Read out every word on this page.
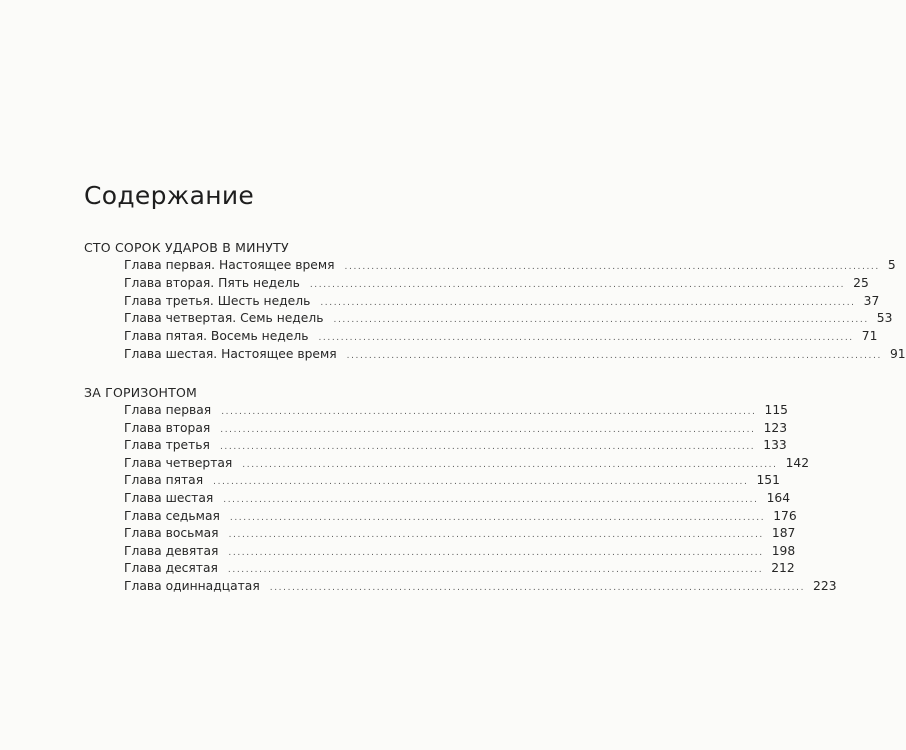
Содержание
СТО СОРОК УДАРОВ В МИНУТУ
Глава первая. Настоящее время ........................................................................................................................ 5
Глава вторая. Пять недель ........................................................................................................................ 25
Глава третья. Шесть недель ........................................................................................................................ 37
Глава четвертая. Семь недель ........................................................................................................................ 53
Глава пятая. Восемь недель ........................................................................................................................ 71
Глава шестая. Настоящее время ........................................................................................................................ 91
ЗА ГОРИЗОНТОМ
Глава первая ........................................................................................................................ 115
Глава вторая ........................................................................................................................ 123
Глава третья ........................................................................................................................ 133
Глава четвертая ........................................................................................................................ 142
Глава пятая ........................................................................................................................ 151
Глава шестая ........................................................................................................................ 164
Глава седьмая ........................................................................................................................ 176
Глава восьмая ........................................................................................................................ 187
Глава девятая ........................................................................................................................ 198
Глава десятая ........................................................................................................................ 212
Глава одиннадцатая ........................................................................................................................ 223
